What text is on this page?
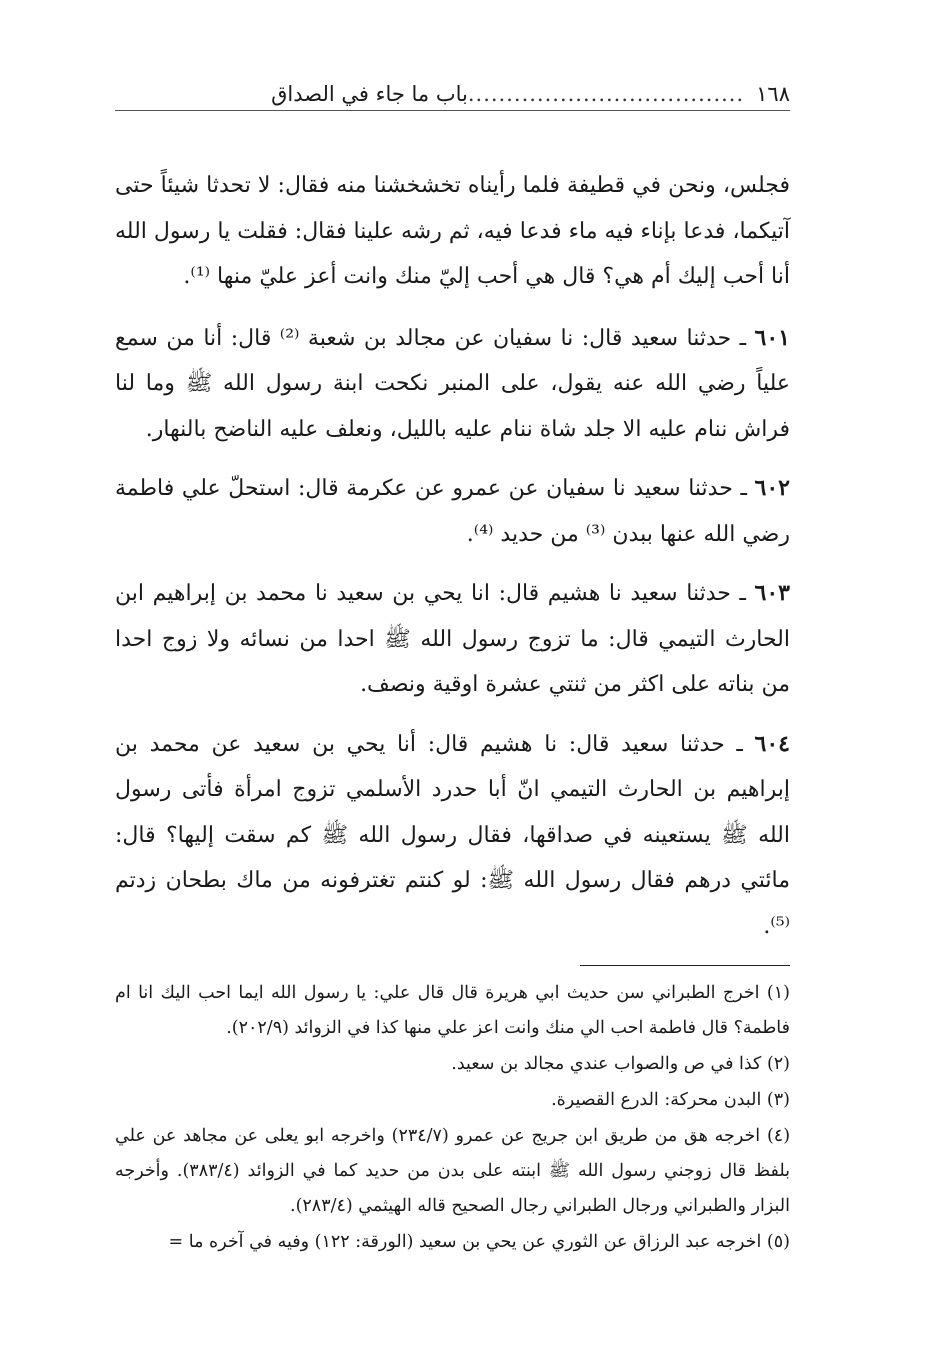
١٦٨
....................................
باب ما جاء في الصداق

فجلس، ونحن في قطيفة فلما رأيناه تخشخشنا منه فقال: لا تحدثا شيئاً حتى آتيكما، فدعا بإناء فيه ماء فدعا فيه، ثم رشه علينا فقال: فقلت يا رسول الله أنا أحب إليك أم هي؟ قال هي أحب إليّ منك وانت أعز عليّ منها ⁽¹⁾.

٦٠١ ـ حدثنا سعيد قال: نا سفيان عن مجالد بن شعبة ⁽²⁾ قال: أنا من سمع علياً رضي الله عنه يقول، على المنبر نكحت ابنة رسول الله ﷺ وما لنا فراش ننام عليه الا جلد شاة ننام عليه بالليل، ونعلف عليه الناضح بالنهار.

٦٠٢ ـ حدثنا سعيد نا سفيان عن عمرو عن عكرمة قال: استحلّ علي فاطمة رضي الله عنها ببدن ⁽³⁾ من حديد ⁽⁴⁾.

٦٠٣ ـ حدثنا سعيد نا هشيم قال: انا يحي بن سعيد نا محمد بن إبراهيم ابن الحارث التيمي قال: ما تزوج رسول الله ﷺ احدا من نسائه ولا زوج احدا من بناته على اكثر من ثنتي عشرة اوقية ونصف.

٦٠٤ ـ حدثنا سعيد قال: نا هشيم قال: أنا يحي بن سعيد عن محمد بن إبراهيم بن الحارث التيمي انّ أبا حدرد الأسلمي تزوج امرأة فأتى رسول الله ﷺ يستعينه في صداقها، فقال رسول الله ﷺ كم سقت إليها؟ قال: مائتي درهم فقال رسول الله ﷺ: لو كنتم تغترفونه من ماك بطحان زدتم ⁽⁵⁾.

(١) اخرج الطبراني سن حديث ابي هريرة قال قال علي: يا رسول الله ايما احب اليك انا ام فاطمة؟ قال فاطمة احب الي منك وانت اعز علي منها كذا في الزوائد (٢٠٢/٩).
(٢) كذا في ص والصواب عندي مجالد بن سعيد.
(٣) البدن محركة: الدرع القصيرة.
(٤) اخرجه هق من طريق ابن جريج عن عمرو (٢٣٤/٧) واخرجه ابو يعلى عن مجاهد عن علي بلفظ قال زوجني رسول الله ﷺ ابنته على بدن من حديد كما في الزوائد (٣٨٣/٤). وأخرجه البزار والطبراني ورجال الطبراني رجال الصحيح قاله الهيثمي (٢٨٣/٤).
(٥) اخرجه عبد الرزاق عن الثوري عن يحي بن سعيد (الورقة: ١٢٢) وفيه في آخره ما =
